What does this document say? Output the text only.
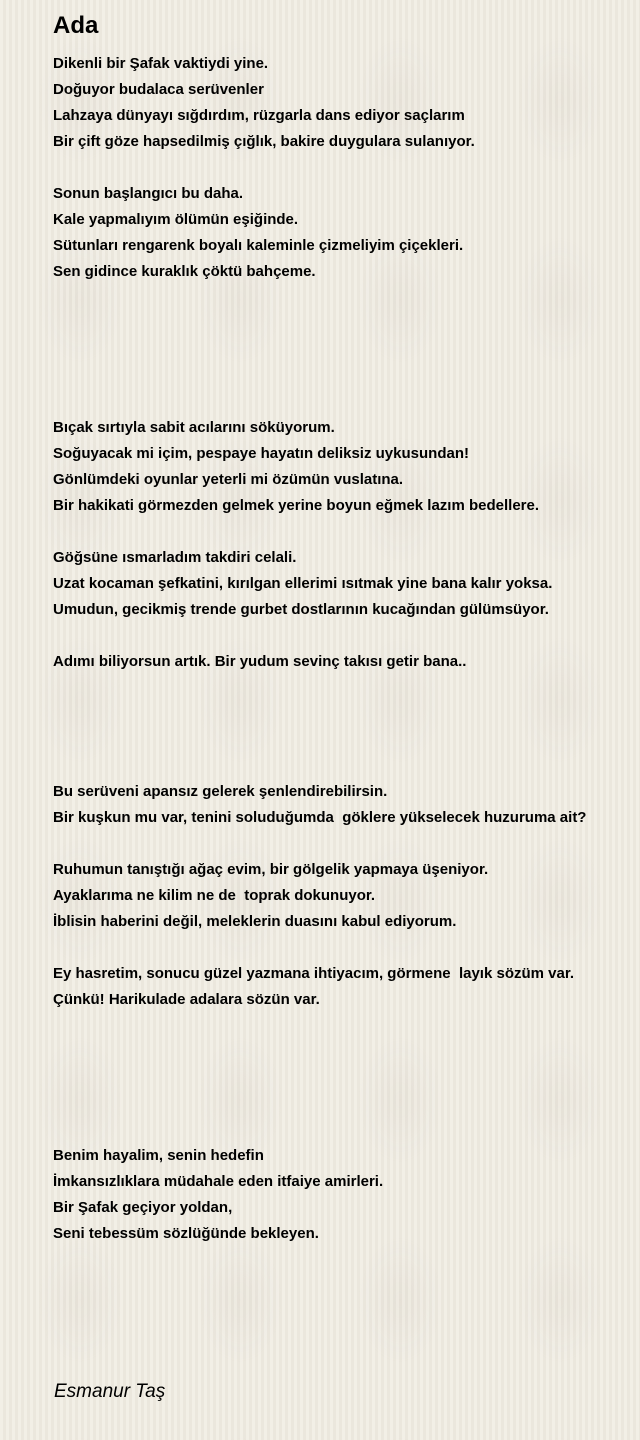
Ada
Dikenli bir Şafak vaktiydi yine.
Doğuyor budalaca serüvenler
Lahzaya dünyayı sığdırdım, rüzgarla dans ediyor saçlarım
Bir çift göze hapsedilmiş çığlık, bakire duygulara sulanıyor.
Sonun başlangıcı bu daha.
Kale yapmalıyım ölümün eşiğinde.
Sütunları rengarenk boyalı kaleminle çizmeliyim çiçekleri.
Sen gidince kuraklık çöktü bahçeme.
Bıçak sırtıyla sabit acılarını söküyorum.
Soğuyacak mi içim, pespaye hayatın deliksiz uykusundan!
Gönlümdeki oyunlar yeterli mi özümün vuslatına.
Bir hakikati görmezden gelmek yerine boyun eğmek lazım bedellere.
Göğsüne ısmarladım takdiri celali.
Uzat kocaman şefkatini, kırılgan ellerimi ısıtmak yine bana kalır yoksa.
Umudun, gecikmiş trende gurbet dostlarının kucağından gülümsüyor.
Adımı biliyorsun artık. Bir yudum sevinç takısı getir bana..
Bu serüveni apansız gelerek şenlendirebilirsin.
Bir kuşkun mu var, tenini soluduğumda  göklere yükselecek huzuruma ait?
Ruhumun tanıştığı ağaç evim, bir gölgelik yapmaya üşeniyor.
Ayaklarıma ne kilim ne de  toprak dokunuyor.
İblisin haberini değil, meleklerin duasını kabul ediyorum.
Ey hasretim, sonucu güzel yazmana ihtiyacım, görmene  layık sözüm var.
Çünkü! Harikulade adalara sözün var.
Benim hayalim, senin hedefin
İmkansızlıklara müdahale eden itfaiye amirleri.
Bir Şafak geçiyor yoldan,
Seni tebessüm sözlüğünde bekleyen.
Esmanur Taş
